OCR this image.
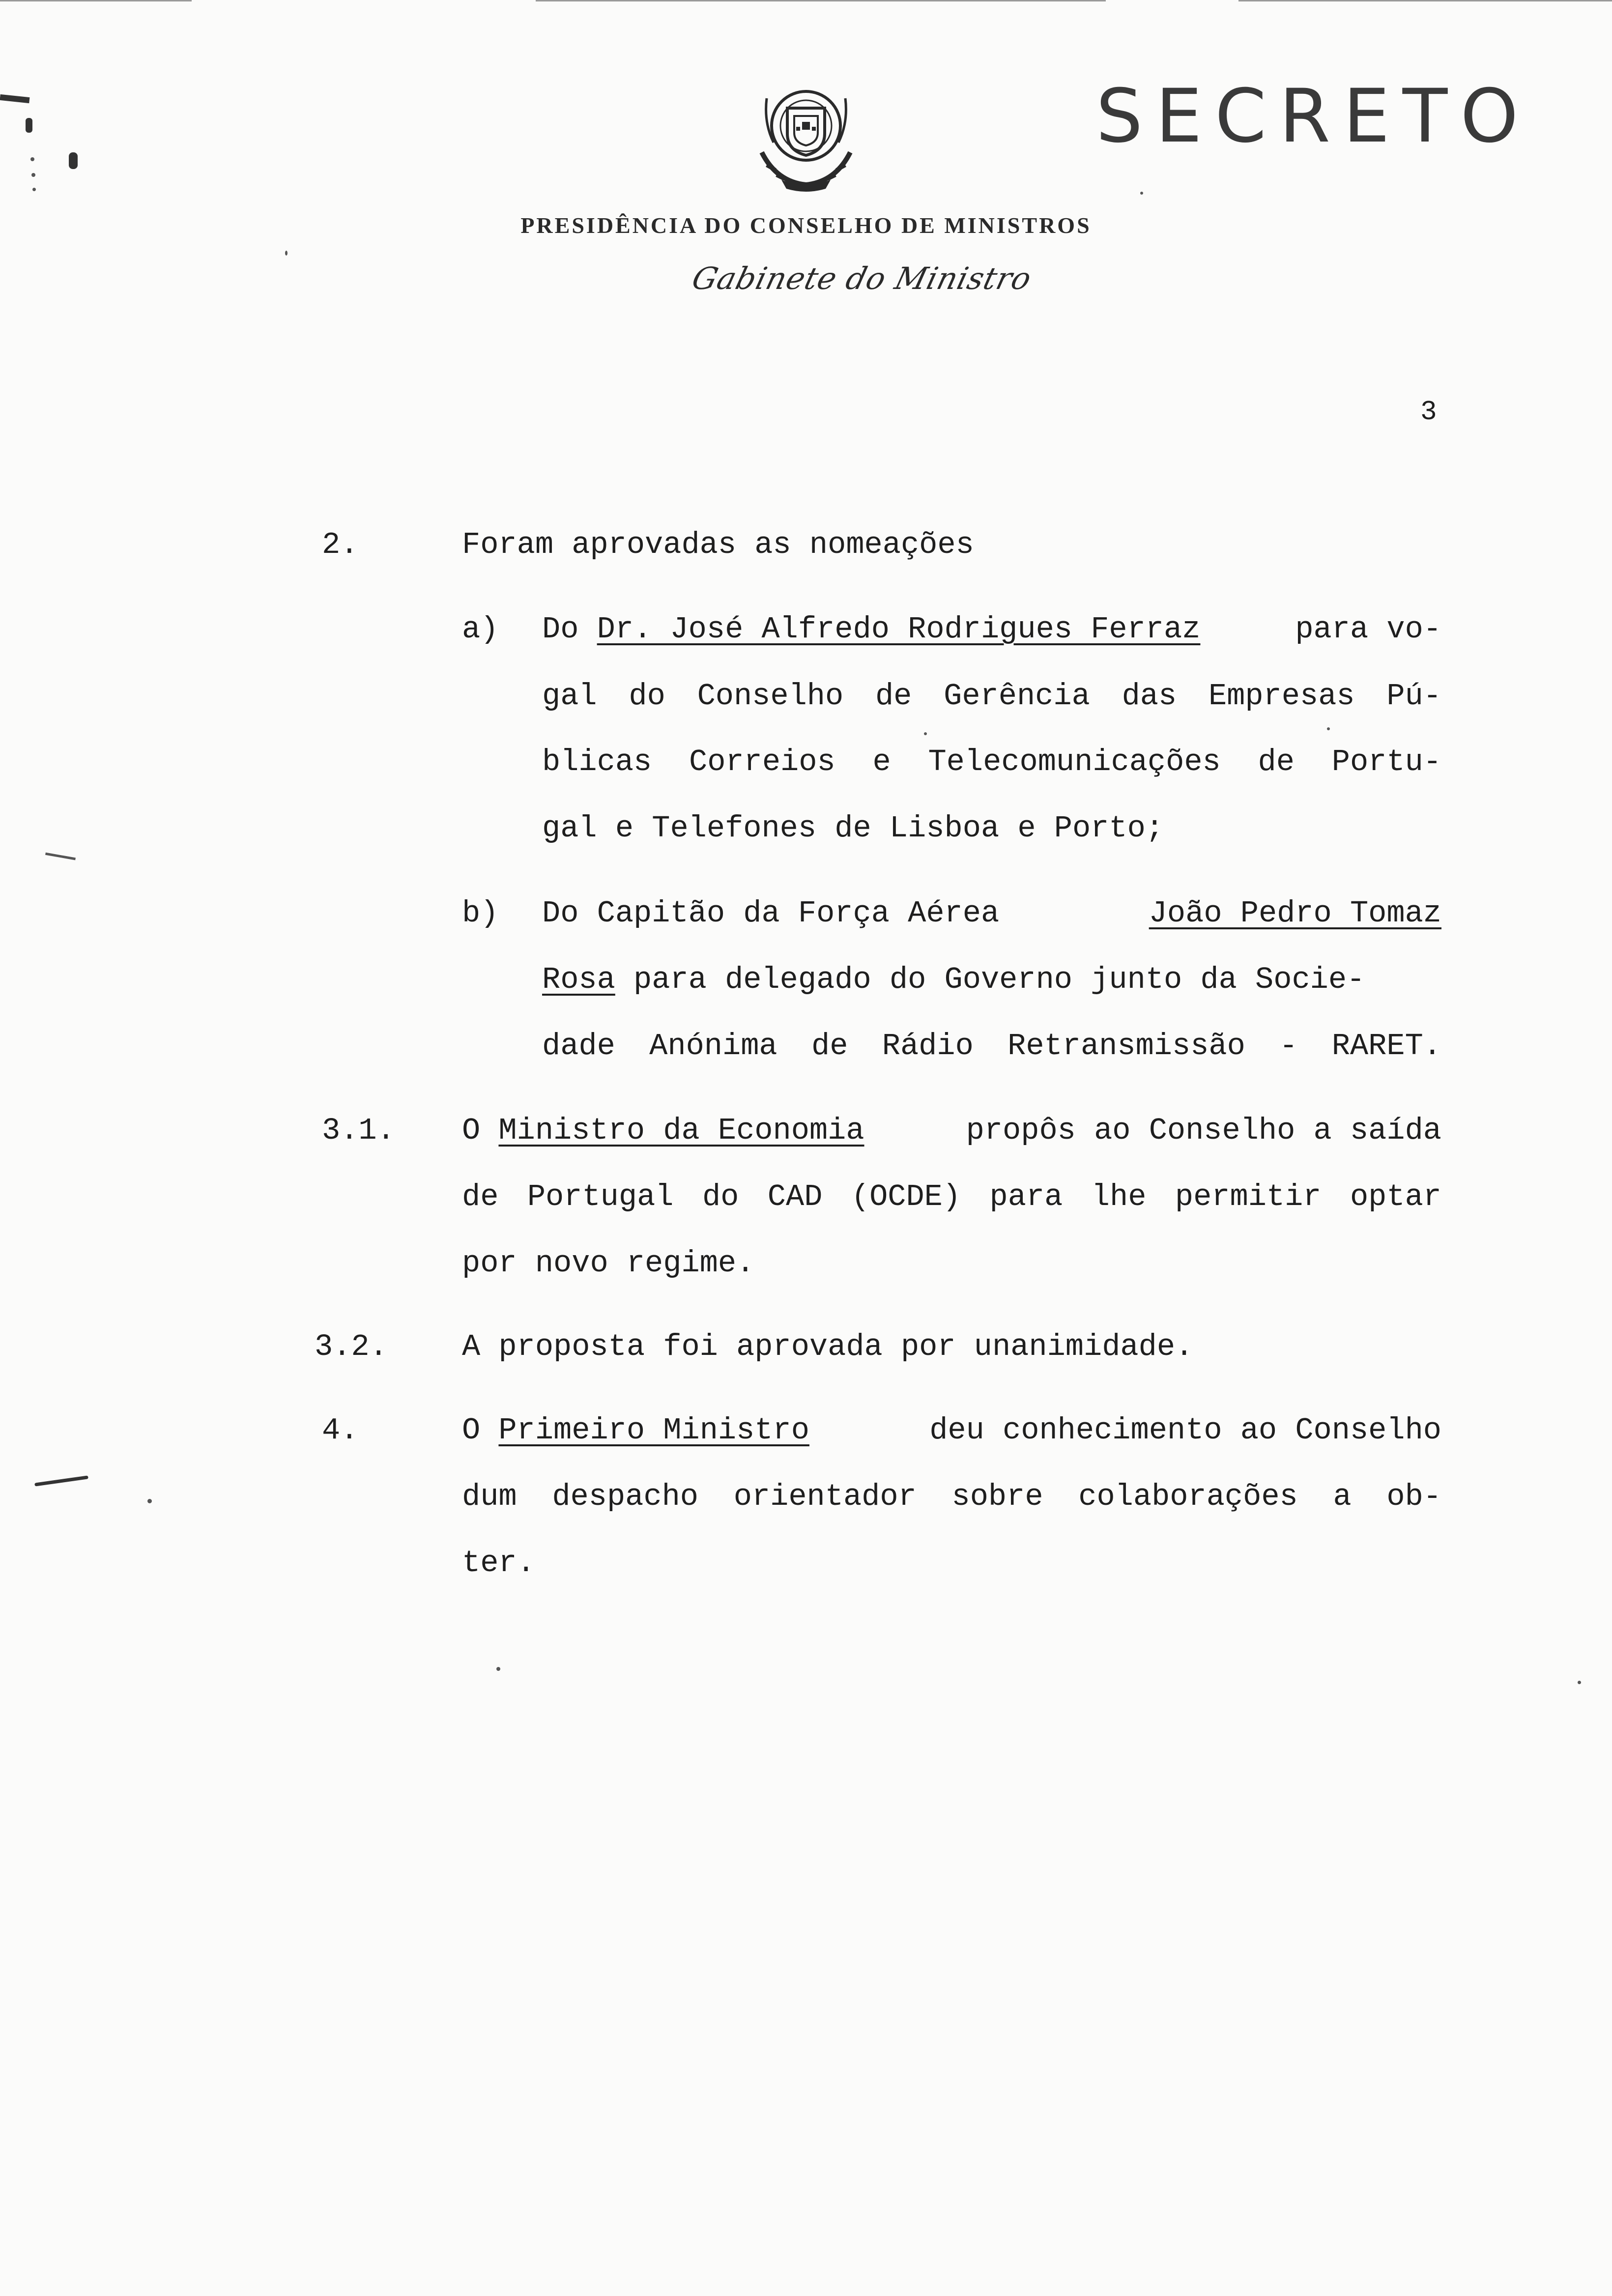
SECRETO
PRESIDÊNCIA DO CONSELHO DE MINISTROS
Gabinete do Ministro
3
2.	Foram aprovadas as nomeações
a) Do Dr. José Alfredo Rodrigues Ferraz	para vo-
gal do Conselho de Gerência das Empresas Pú-
blicas Correios e Telecomunicações de Portu-
gal e Telefones de Lisboa e Porto;
b) Do Capitão da Força Aérea	João Pedro Tomaz
Rosa para delegado do Governo junto da Socie-
dade Anónima de Rádio Retransmissão - RARET.
3.1. O Ministro da Economia	propôs ao Conselho a saída
de Portugal do CAD (OCDE) para lhe permitir optar
por novo regime.
3.2. A proposta foi aprovada por unanimidade.
4.	O Primeiro Ministro	deu conhecimento ao Conselho
dum despacho orientador sobre colaborações a ob-
ter.
